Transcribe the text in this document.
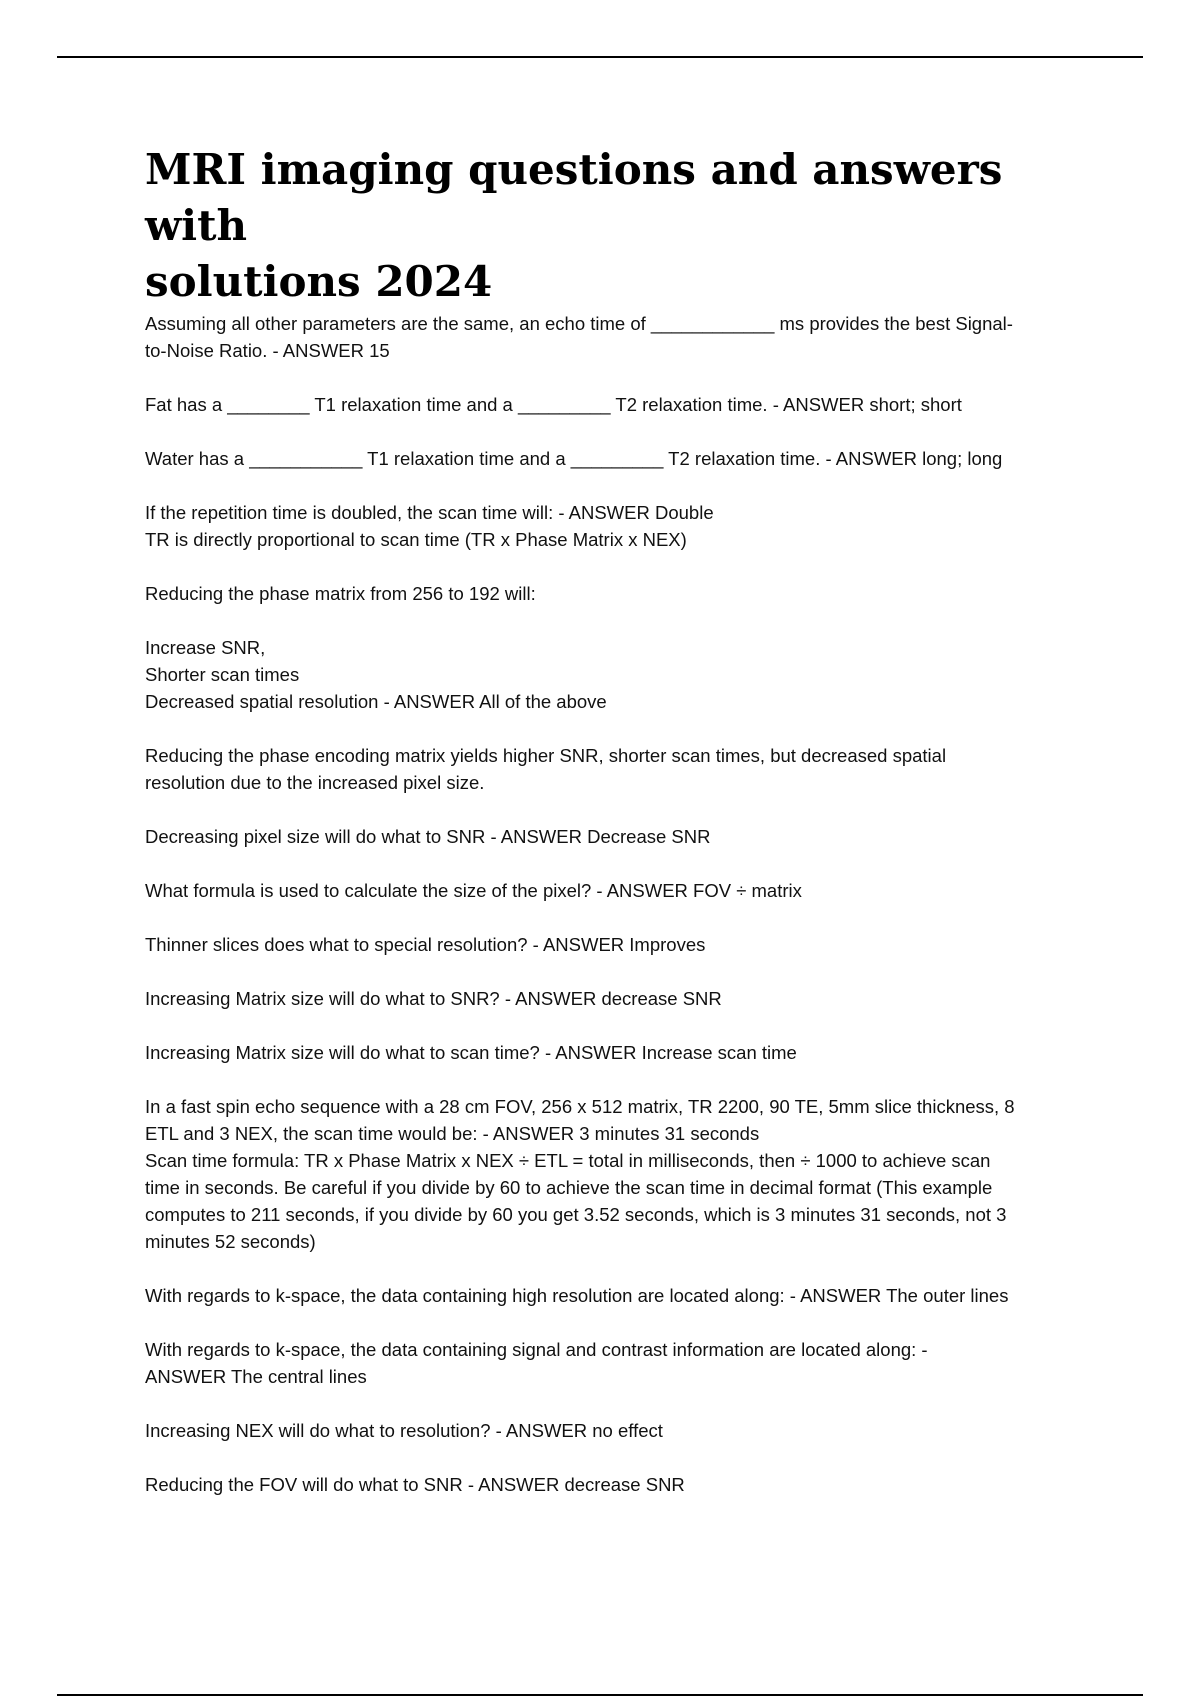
MRI imaging questions and answers with
solutions 2024
Assuming all other parameters are the same, an echo time of ____________ ms provides the best Signal-
to-Noise Ratio. - ANSWER 15
Fat has a ________ T1 relaxation time and a _________ T2 relaxation time. - ANSWER short; short
Water has a ___________ T1 relaxation time and a _________ T2 relaxation time. - ANSWER long; long
If the repetition time is doubled, the scan time will: - ANSWER Double
TR is directly proportional to scan time (TR x Phase Matrix x NEX)
Reducing the phase matrix from 256 to 192 will:
Increase SNR,
Shorter scan times
Decreased spatial resolution - ANSWER All of the above
Reducing the phase encoding matrix yields higher SNR, shorter scan times, but decreased spatial
resolution due to the increased pixel size.
Decreasing pixel size will do what to SNR - ANSWER Decrease SNR
What formula is used to calculate the size of the pixel? - ANSWER FOV ÷ matrix
Thinner slices does what to special resolution? - ANSWER Improves
Increasing Matrix size will do what to SNR? - ANSWER decrease SNR
Increasing Matrix size will do what to scan time? - ANSWER Increase scan time
In a fast spin echo sequence with a 28 cm FOV, 256 x 512 matrix, TR 2200, 90 TE, 5mm slice thickness, 8
ETL and 3 NEX, the scan time would be: - ANSWER 3 minutes 31 seconds
Scan time formula: TR x Phase Matrix x NEX ÷ ETL = total in milliseconds, then ÷ 1000 to achieve scan
time in seconds. Be careful if you divide by 60 to achieve the scan time in decimal format (This example
computes to 211 seconds, if you divide by 60 you get 3.52 seconds, which is 3 minutes 31 seconds, not 3
minutes 52 seconds)
With regards to k-space, the data containing high resolution are located along: - ANSWER The outer lines
With regards to k-space, the data containing signal and contrast information are located along: -
ANSWER The central lines
Increasing NEX will do what to resolution? - ANSWER no effect
Reducing the FOV will do what to SNR - ANSWER decrease SNR
